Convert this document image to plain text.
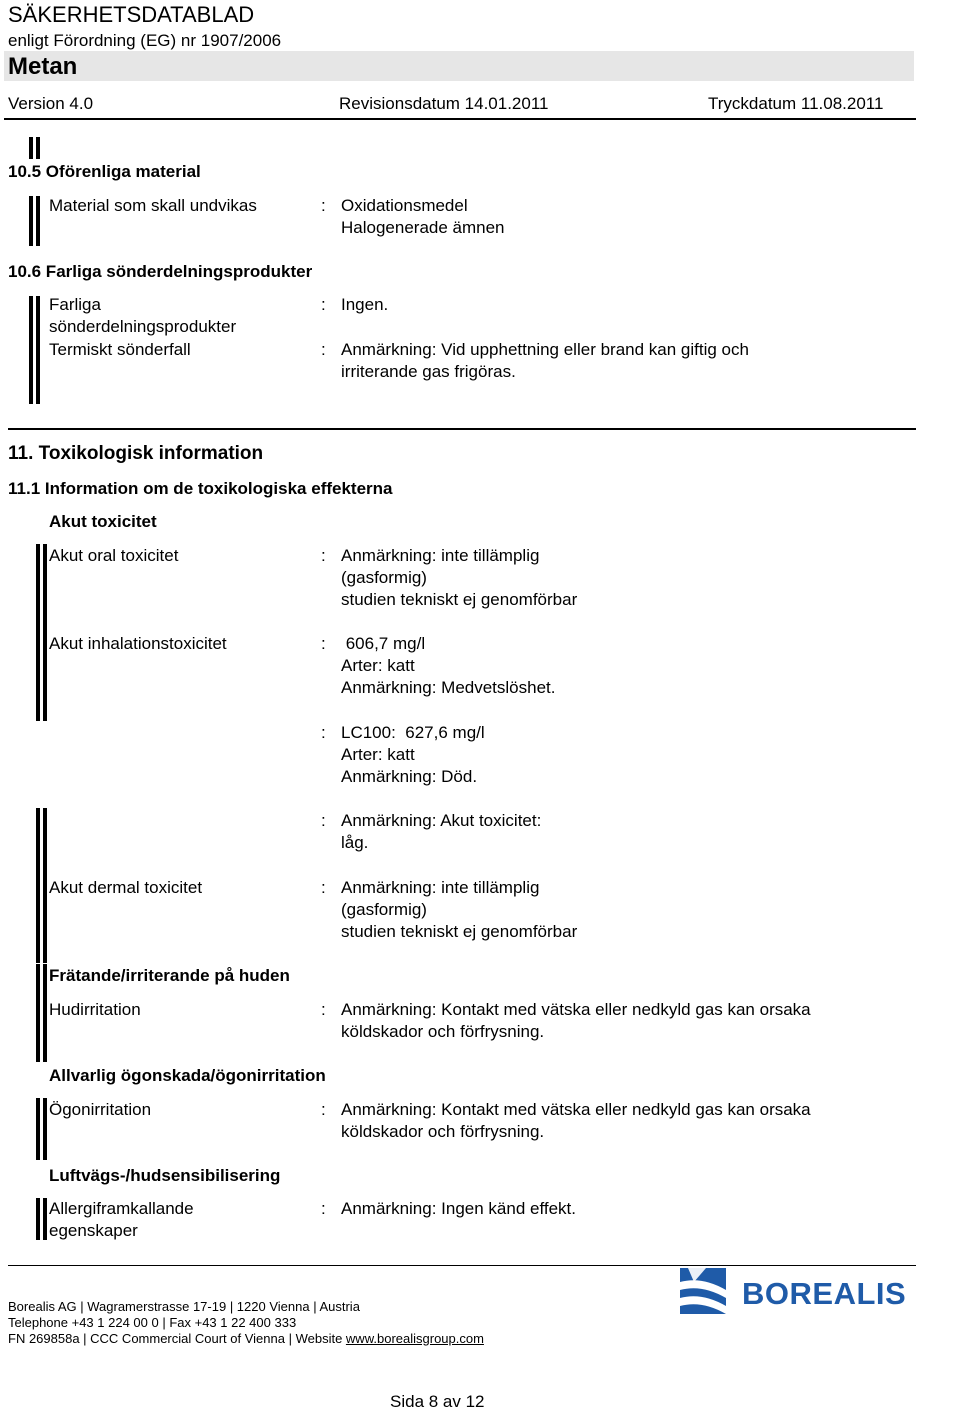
SÄKERHETSDATABLAD
enligt Förordning (EG) nr 1907/2006
Metan
Version 4.0	Revisionsdatum 14.01.2011	Tryckdatum 11.08.2011
10.5 Oförenliga material
Material som skall undvikas	: Oxidationsmedel
Halogenerade ämnen
10.6 Farliga sönderdelningsprodukter
Farliga
sönderdelningsprodukter
: Ingen.
Termiskt sönderfall	: Anmärkning: Vid upphettning eller brand kan giftig och
irriterande gas frigöras.
11. Toxikologisk information
11.1 Information om de toxikologiska effekterna
Akut toxicitet
Akut oral toxicitet	: Anmärkning: inte tillämplig
(gasformig)
studien tekniskt ej genomförbar
Akut inhalationstoxicitet	: 606,7 mg/l
Arter: katt
Anmärkning: Medvetslöshet.
: LC100:  627,6 mg/l
Arter: katt
Anmärkning: Död.
: Anmärkning: Akut toxicitet:
låg.
Akut dermal toxicitet	: Anmärkning: inte tillämplig
(gasformig)
studien tekniskt ej genomförbar
Frätande/irriterande på huden
Hudirritation	: Anmärkning: Kontakt med vätska eller nedkyld gas kan orsaka
köldskador och förfrysning.
Allvarlig ögonskada/ögonirritation
Ögonirritation	: Anmärkning: Kontakt med vätska eller nedkyld gas kan orsaka
köldskador och förfrysning.
Luftvägs-/hudsensibilisering
Allergiframkallande
egenskaper
: Anmärkning: Ingen känd effekt.
Borealis AG | Wagramerstrasse 17-19 | 1220 Vienna | Austria
Telephone +43 1 224 00 0 | Fax +43 1 22 400 333
FN 269858a | CCC Commercial Court of Vienna | Website www.borealisgroup.com
BOREALIS
Sida 8 av 12
